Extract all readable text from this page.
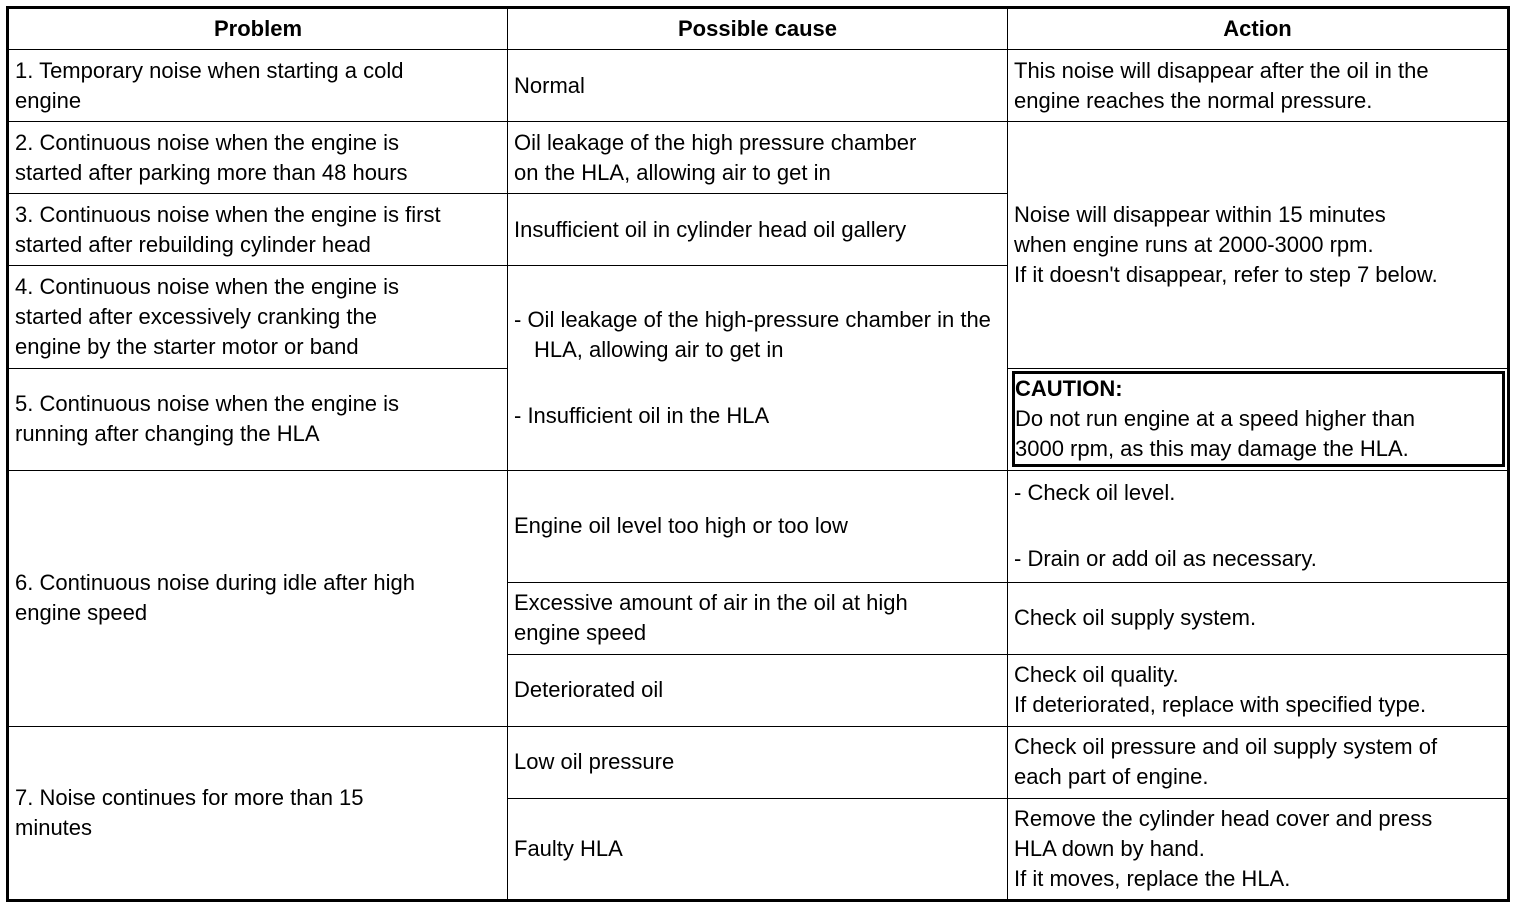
Problem	Possible cause	Action

1. Temporary noise when starting a cold
engine	Normal	This noise will disappear after the oil in the
engine reaches the normal pressure.

2. Continuous noise when the engine is
started after parking more than 48 hours	Oil leakage of the high pressure chamber
on the HLA, allowing air to get in	Noise will disappear within 15 minutes
when engine runs at 2000-3000 rpm.
If it doesn't disappear, refer to step 7 below.

3. Continuous noise when the engine is first
started after rebuilding cylinder head	Insufficient oil in cylinder head oil gallery	

4. Continuous noise when the engine is
started after excessively cranking the
engine by the starter motor or band	- Oil leakage of the high-pressure chamber in the HLA, allowing air to get in
- Insufficient oil in the HLA	

5. Continuous noise when the engine is
running after changing the HLA		CAUTION:
Do not run engine at a speed higher than
3000 rpm, as this may damage the HLA.

6. Continuous noise during idle after high
engine speed	Engine oil level too high or too low	- Check oil level.
- Drain or add oil as necessary.

	Excessive amount of air in the oil at high
engine speed	Check oil supply system.

	Deteriorated oil	Check oil quality.
If deteriorated, replace with specified type.

7. Noise continues for more than 15
minutes	Low oil pressure	Check oil pressure and oil supply system of
each part of engine.

	Faulty HLA	Remove the cylinder head cover and press
HLA down by hand.
If it moves, replace the HLA.
